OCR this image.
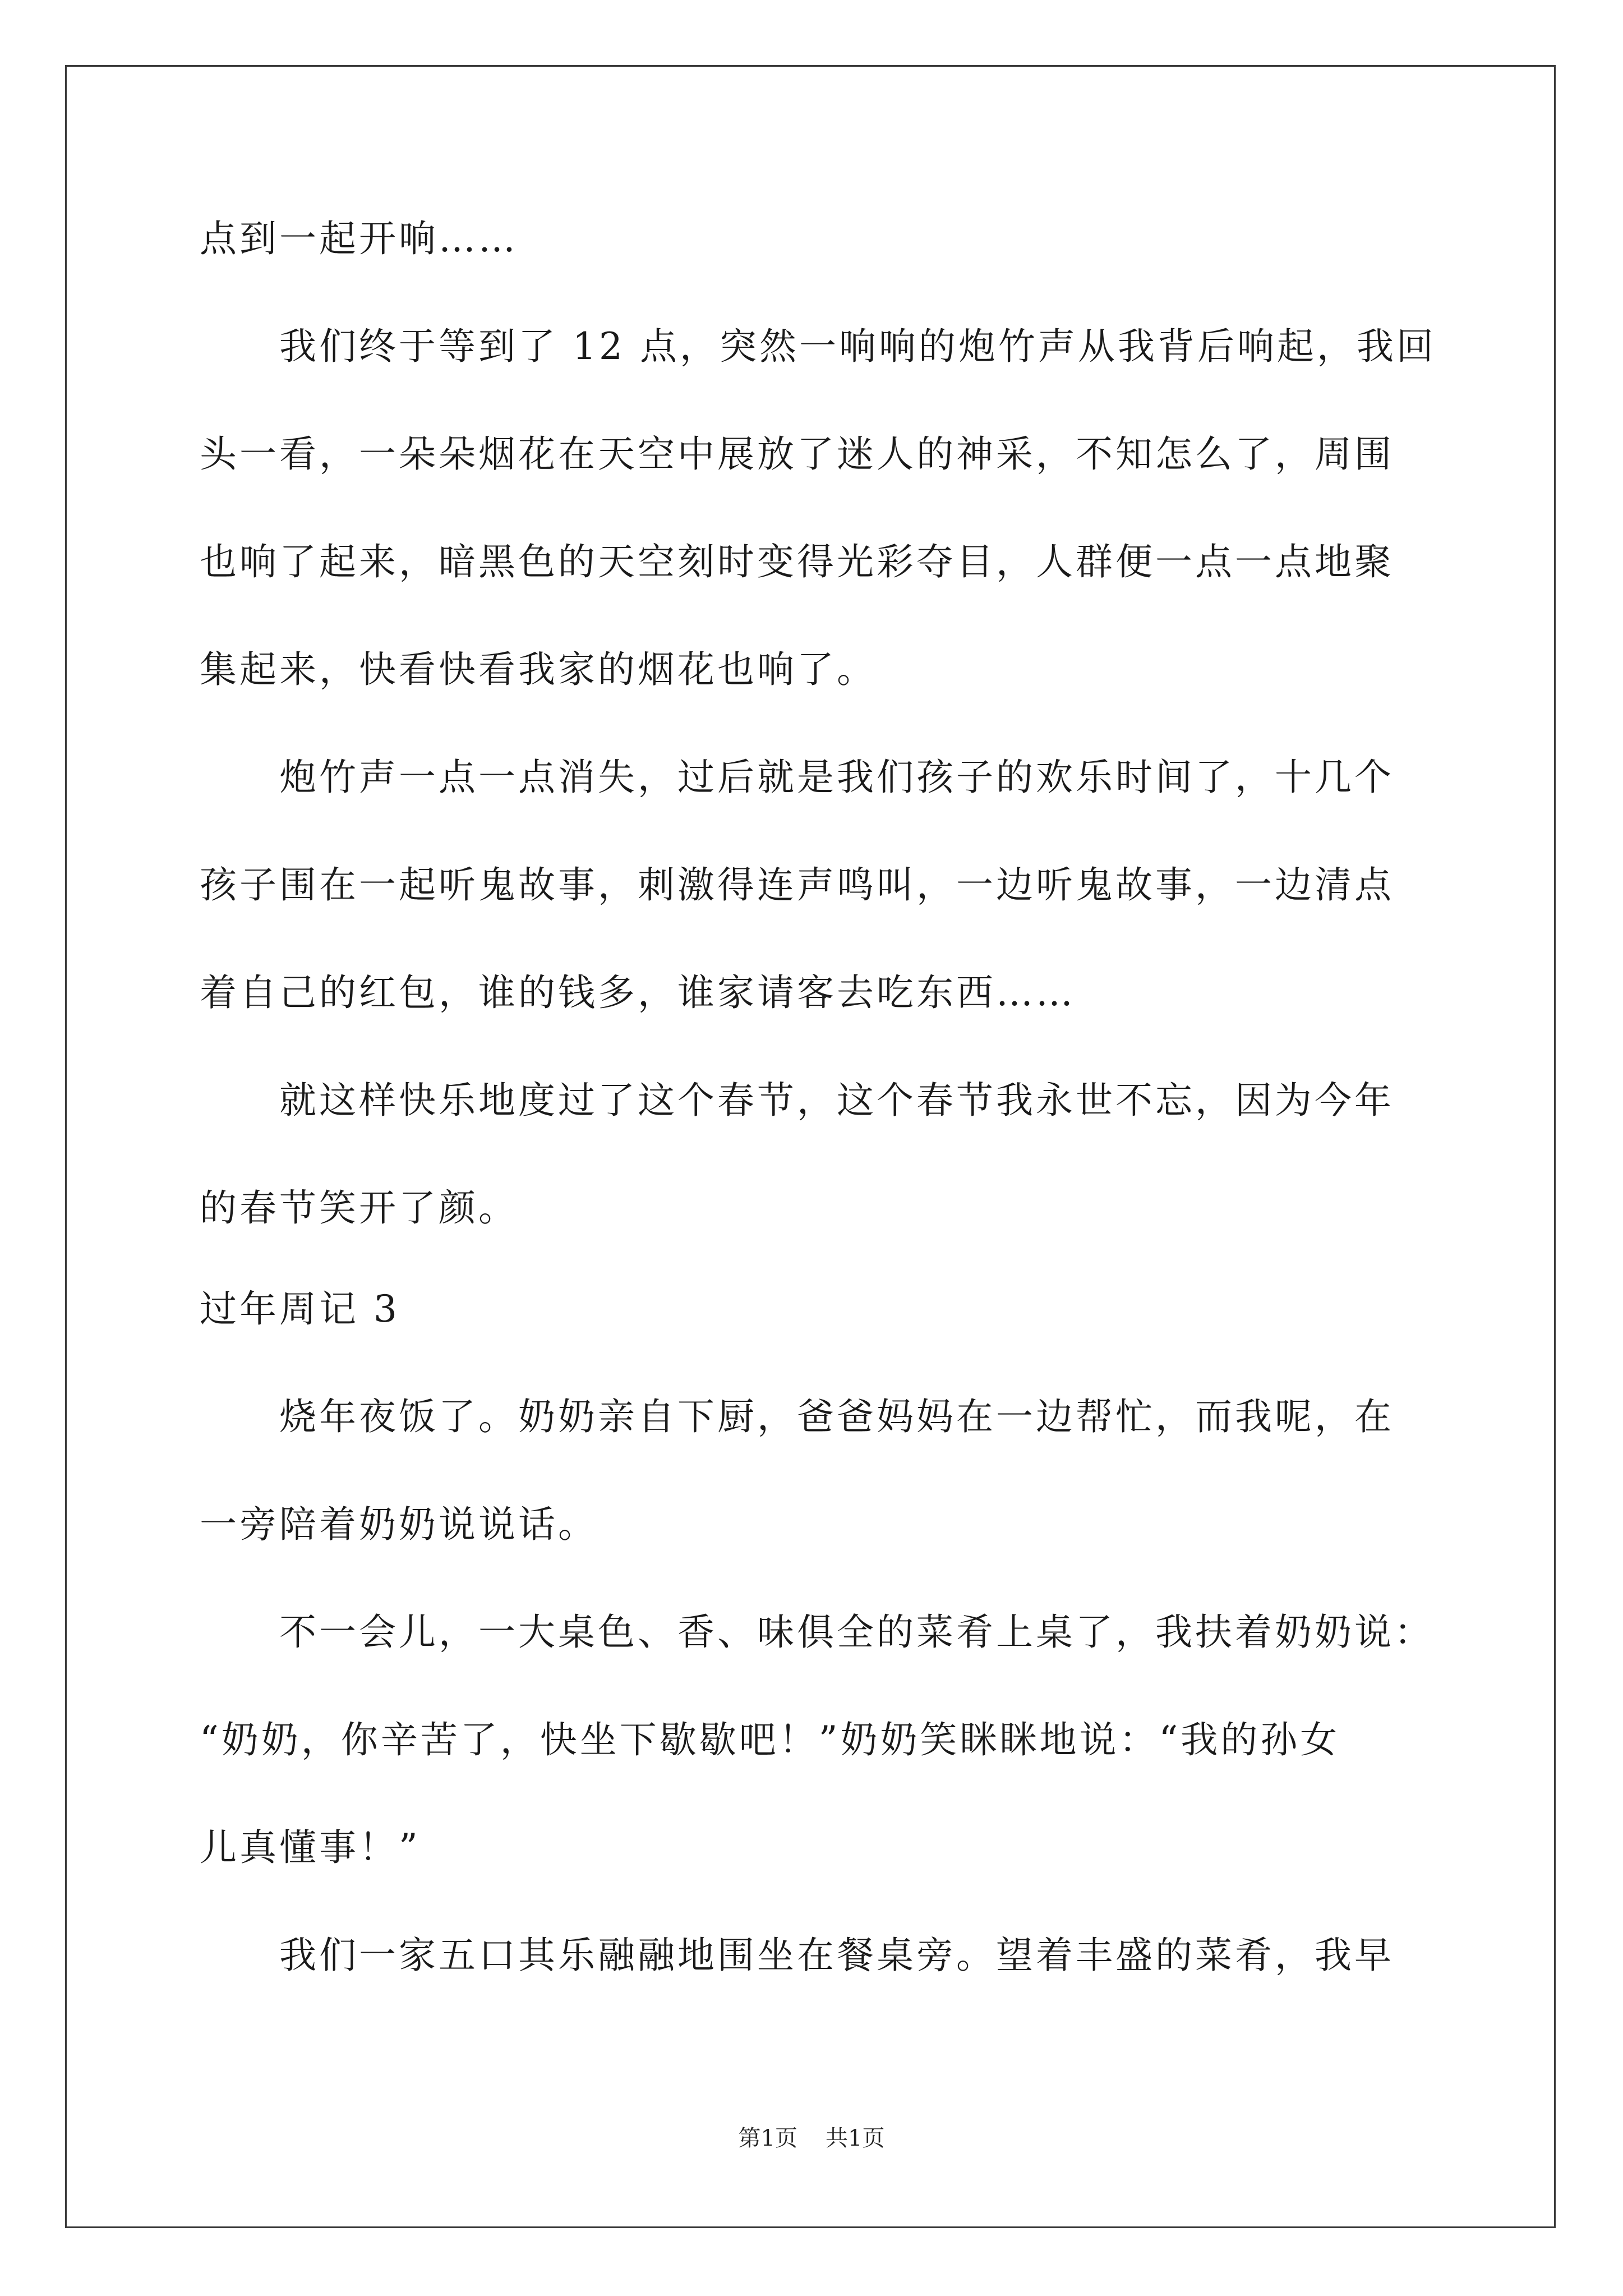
点到一起开响……
我们终于等到了 12 点，突然一响响的炮竹声从我背后响起，我回
头一看，一朵朵烟花在天空中展放了迷人的神采，不知怎么了，周围
也响了起来，暗黑色的天空刻时变得光彩夺目，人群便一点一点地聚
集起来，快看快看我家的烟花也响了。
炮竹声一点一点消失，过后就是我们孩子的欢乐时间了，十几个
孩子围在一起听鬼故事，刺激得连声鸣叫，一边听鬼故事，一边清点
着自己的红包，谁的钱多，谁家请客去吃东西……
就这样快乐地度过了这个春节，这个春节我永世不忘，因为今年
的春节笑开了颜。
过年周记 3
烧年夜饭了。奶奶亲自下厨，爸爸妈妈在一边帮忙，而我呢，在
一旁陪着奶奶说说话。
不一会儿，一大桌色、香、味俱全的菜肴上桌了，我扶着奶奶说：
“奶奶，你辛苦了，快坐下歇歇吧！”奶奶笑眯眯地说：“我的孙女
儿真懂事！”
我们一家五口其乐融融地围坐在餐桌旁。望着丰盛的菜肴，我早
第1页 共1页
